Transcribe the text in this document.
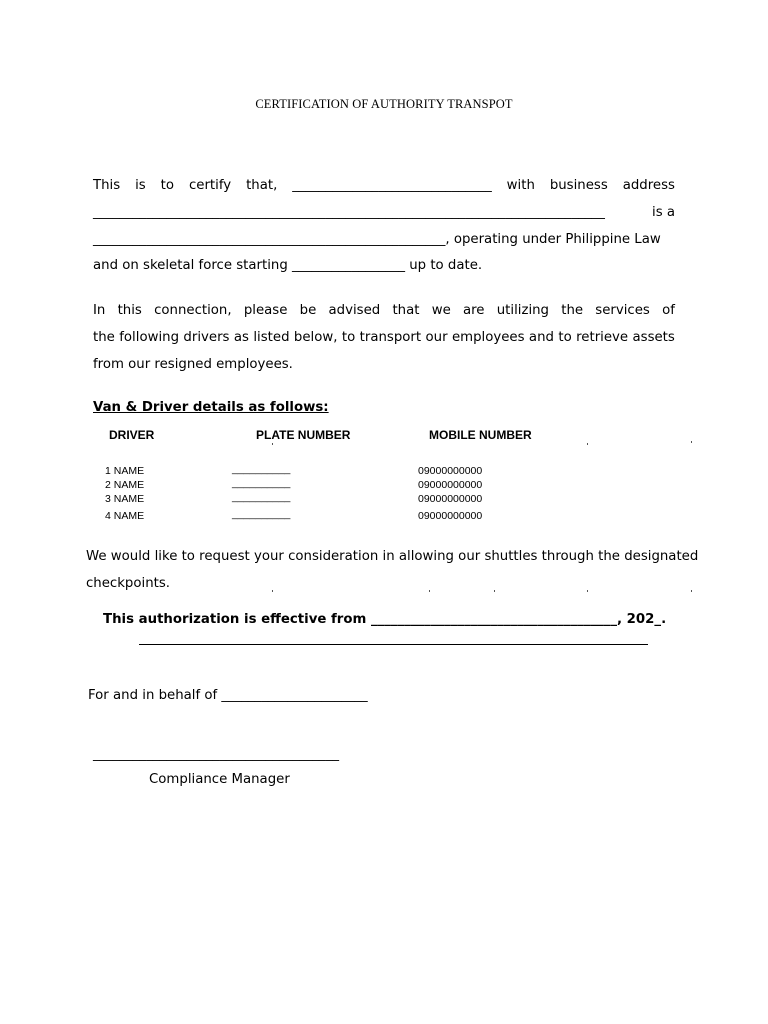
CERTIFICATION OF AUTHORITY TRANSPOT
This is to certify that, ______________________________ with business address
_____________________________________________________________________________	is a
_____________________________________________________, operating under Philippine Law
and on skeletal force starting _________________ up to date.
In this connection, please be advised that we are utilizing the services of
the following drivers as listed below, to transport our employees and to retrieve assets
from our resigned employees.
Van & Driver details as follows:
DRIVER	PLATE NUMBER	MOBILE NUMBER
1 NAME	__________	09000000000
2 NAME	__________	09000000000
3 NAME	__________	09000000000
4 NAME	__________	09000000000
We would like to request your consideration in allowing our shuttles through the designated
checkpoints.
This authorization is effective from _____________________________________, 202_.
For and in behalf of ______________________
_____________________________________
Compliance Manager
